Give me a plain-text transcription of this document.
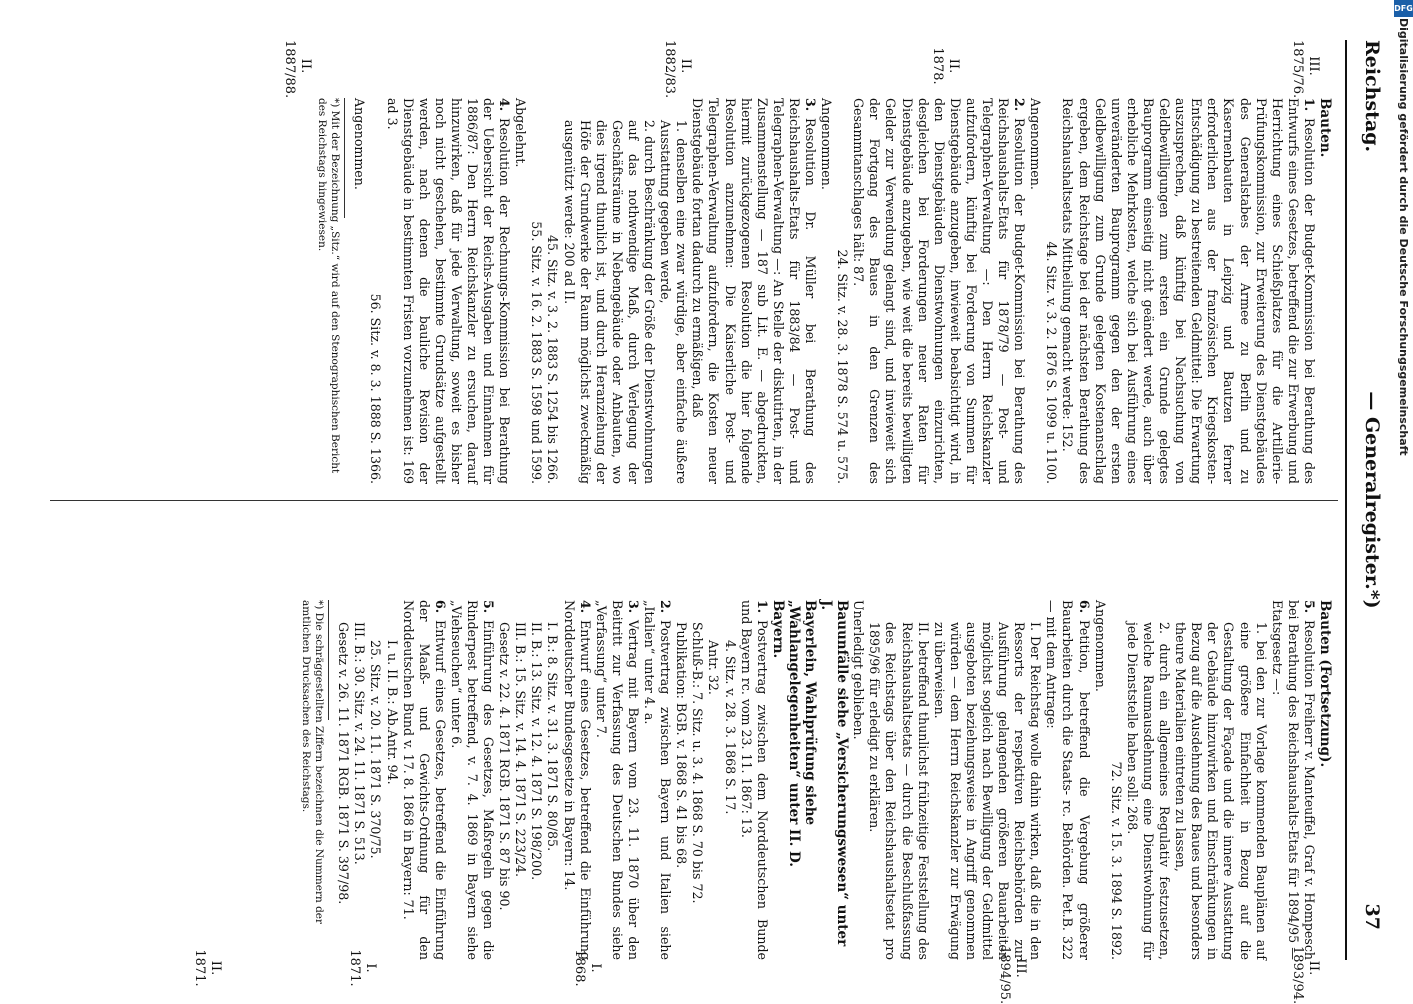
DFG
Digitalisierung gefördert durch die Deutsche Forschungsgemeinschaft
Reichstag.
— Generalregister.*)
37
Bauten.
1.Resolution der Budget-Kommission bei Berathung des Entwurfs eines Gesetzes, betreffend die zur Erwerbung und Herrichtung eines Schießplatzes für die Artillerie-Prüfungskommission, zur Erweiterung des Dienstgebäudes des Generalstabes der Armee zu Berlin und zu Kasernenbauten in Leipzig und Bautzen ferner erforderlichen aus der französischen Kriegskosten-Entschädigung zu bestreitenden Geldmittel: Die Erwartung auszusprechen, daß künftig bei Nachsuchung von Geldbewilligungen zum ersten ein Grunde gelegtes Bauprogramm einseitig nicht geändert werde, auch über erhebliche Mehrkosten, welche sich bei Ausführung eines unveränderten Bauprogramm gegen den der ersten Geldbewilligung zum Grunde gelegten Kostenanschlag ergeben, dem Reichstage bei der nächsten Berathung des Reichshaushaltsetats Mittheilung gemacht werde: 152.
44. Sitz. v. 3. 2. 1876 S. 1099 u. 1100.
Angenommen.
2.Resolution der Budget-Kommission bei Berathung des Reichshaushalts-Etats für 1878/79 — Post- und Telegraphen-Verwaltung —: Den Herrn Reichskanzler aufzufordern, künftig bei Forderung von Summen für Dienstgebäude anzugeben, inwieweit beabsichtigt wird, in den Dienstgebäuden Dienstwohnungen einzurichten, desgleichen bei Forderungen neuer Raten für Dienstgebäude anzugeben, wie weit die bereits bewilligten Gelder zur Verwendung gelangt sind, und inwieweit sich der Fortgang des Baues in den Grenzen des Gesammtanschlages hält: 87.
24. Sitz. v. 28. 3. 1878 S. 574 u. 575.
Angenommen.
3.Resolution Dr. Müller bei Berathung des Reichshaushalts-Etats für 1883/84 — Post- und Telegraphen-Verwaltung —: An Stelle der diskutirten, in der Zusammenstellung — 187 sub Lit. E. — abgedruckten, hiermit zurückgezogenen Resolution die hier folgende Resolution anzunehmen: Die Kaiserliche Post- und Telegraphen-Verwaltung aufzufordern, die Kosten neuer Dienstgebäude fortan dadurch zu ermäßigen, daß
1. denselben eine zwar würdige, aber einfache äußere Ausstattung gegeben werde,
2. durch Beschränkung der Größe der Dienstwohnungen auf das nothwendige Maß, durch Verlegung der Geschäftsräume in Nebengebäude oder Anbauten, wo dies irgend thunlich ist, und durch Heranziehung der Höfe der Grundwerke der Raum möglichst zweckmäßig ausgenützt werde: 200 ad II.
45. Sitz. v. 3. 2. 1883 S. 1254 bis 1266.
55. Sitz. v. 16. 2. 1883 S. 1598 und 1599.
Abgelehnt.
4.Resolution der Rechnungs-Kommission bei Berathung der Uebersicht der Reichs-Ausgaben und Einnahmen für 1886/87: Den Herrn Reichskanzler zu ersuchen, darauf hinzuwirken, daß für jede Verwaltung, soweit es bisher noch nicht geschehen, bestimmte Grundsätze aufgestellt werden, nach denen die bauliche Revision der Dienstgebäude in bestimmten Fristen vorzunehmen ist: 169 ad 3.
56. Sitz. v. 8. 3. 1888 S. 1366.
Angenommen.
*) Mit der Bezeichnung „Sitz.“ wird auf den Stenographischen Bericht des Reichstags hingewiesen.
III.
1875/76.
II.
1878.
II.
1882/83.
II.
1887/88.
Bauten (Fortsetzung).
5.Resolution Freiherr v. Manteuffel, Graf v. Hompesch bei Berathung des Reichshaushalts-Etats für 1894/95 — Etatsgesetz —:
1. bei den zur Vorlage kommenden Bauplänen auf eine größere Einfachheit in Bezug auf die Gestaltung der Façade und die innere Ausstattung der Gebäude hinzuwirken und Einschränkungen in Bezug auf die Ausdehnung des Baues und besonders theure Materialien eintreten zu lassen,
2. durch ein allgemeines Regulativ festzusetzen, welche Raumausdehnung eine Dienstwohnung für jede Dienststelle haben soll: 268.
72. Sitz. v. 15. 3. 1894 S. 1892.
Angenommen.
6.Petition, betreffend die Vergebung größerer Bauarbeiten durch die Staats- rc. Behörden. Pet.B. 322 — mit dem Antrage:
I. Der Reichstag wolle dahin wirken, daß die in den Ressorts der respektiven Reichsbehörden zur Ausführung gelangenden größeren Bauarbeiten möglichst sogleich nach Bewilligung der Geldmittel ausgeboten beziehungsweise in Angriff genommen würden — dem Herrn Reichskanzler zur Erwägung zu überweisen.
II. betreffend thunlichst frühzeitige Feststellung des Reichshaushaltsetats — durch die Beschlußfassung des Reichstags über den Reichshaushaltsetat pro 1895/96 für erledigt zu erklären.
Unerledigt geblieben.
Bauunfälle siehe „Versicherungswesen“ unter J.
Bayerlein, Wahlprüfung siehe „Wahlangelegenheiten“ unter II. D.
Bayern.
1.Postvertrag zwischen dem Norddeutschen Bunde und Bayern rc. vom 23. 11. 1867: 13.
4. Sitz. v. 28. 3. 1868 S. 17.
Antr. 32.
Schluß-B.: 7. Sitz. u. 3. 4. 1868 S. 70 bis 72.
Publikation: BGB. v. 1868 S. 41 bis 68.
2.Postvertrag zwischen Bayern und Italien siehe „Italien“ unter 4. a.
3.Vertrag mit Bayern vom 23. 11. 1870 über den Beitritt zur Verfassung des Deutschen Bundes siehe „Verfassung“ unter 7.
4.Entwurf eines Gesetzes, betreffend die Einführung Norddeutscher Bundesgesetze in Bayern: 14.
I. B.: 8. Sitz. v. 31. 3. 1871 S. 80/85.
II. B.: 13. Sitz. v. 12. 4. 1871 S. 198/200.
III. B.: 15. Sitz. v. 14. 4. 1871 S. 223/24.
Gesetz v. 22. 4. 1871 RGB. 1871 S. 87 bis 90.
5.Einführung des Gesetzes, Maßregeln gegen die Rinderpest betreffend, v. 7. 4. 1869 in Bayern siehe „Viehseuchen“ unter 6.
6.Entwurf eines Gesetzes, betreffend die Einführung der Maaß- und Gewichts-Ordnung für den Norddeutschen Bund v. 17. 8. 1868 in Bayern: 71.
I. u. II. B.: Ab.Antr. 94.
25. Sitz. v. 20. 11. 1871 S. 370/75.
III. B.: 30. Sitz. v. 24. 11. 1871 S. 513.
Gesetz v. 26. 11. 1871 RGB. 1871 S. 397/98.
*) Die schräggestellten Ziffern bezeichnen die Nummern der amtlichen Drucksachen des Reichstags.
II.
1893/94.
III.
1894/95.
I.
1868.
I.
1871.
II.
1871.
